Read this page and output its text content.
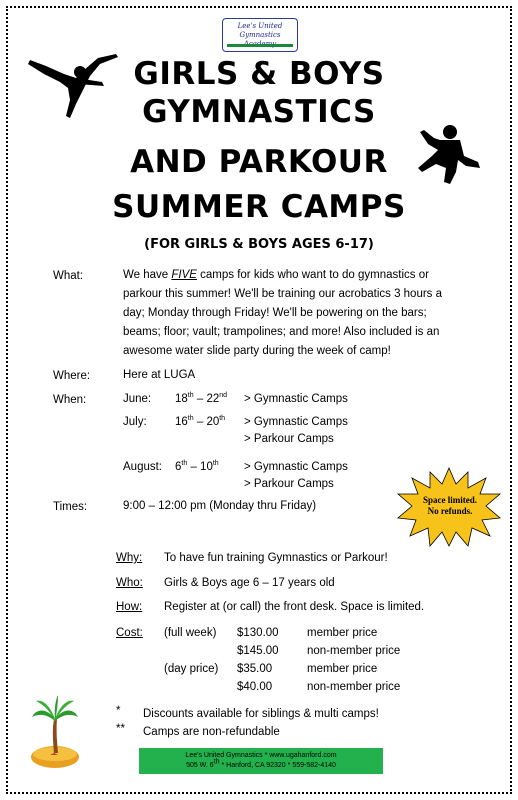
Lee's United Gymnastics
GIRLS & BOYS
GYMNASTICS
AND PARKOUR
SUMMER CAMPS
(FOR GIRLS & BOYS AGES 6-17)
What:	We have FIVE camps for kids who want to do gymnastics or
parkour this summer! We'll be training our acrobatics 3 hours a
day; Monday through Friday! We'll be powering on the bars;
beams; floor; vault; trampolines; and more! Also included is an
awesome water slide party during the week of camp!
Where:	Here at LUGA
When:	June: 18th – 22nd > Gymnastic Camps
July: 16th – 20th > Gymnastic Camps
> Parkour Camps
August: 6th – 10th > Gymnastic Camps
> Parkour Camps
Space limited.
No refunds.
Times:	9:00 – 12:00 pm (Monday thru Friday)
Why: To have fun training Gymnastics or Parkour!
Who: Girls & Boys age 6 – 17 years old
How: Register at (or call) the front desk. Space is limited.
Cost: (full week) $130.00 member price
$145.00 non-member price
(day price) $35.00	member price
$40.00	non-member price
* Discounts available for siblings & multi camps!
** Camps are non-refundable
Lee's United Gymnastics * www.ugahanford.com
505 W. 6th * Hanford, CA 92320 * 559-582-4140
